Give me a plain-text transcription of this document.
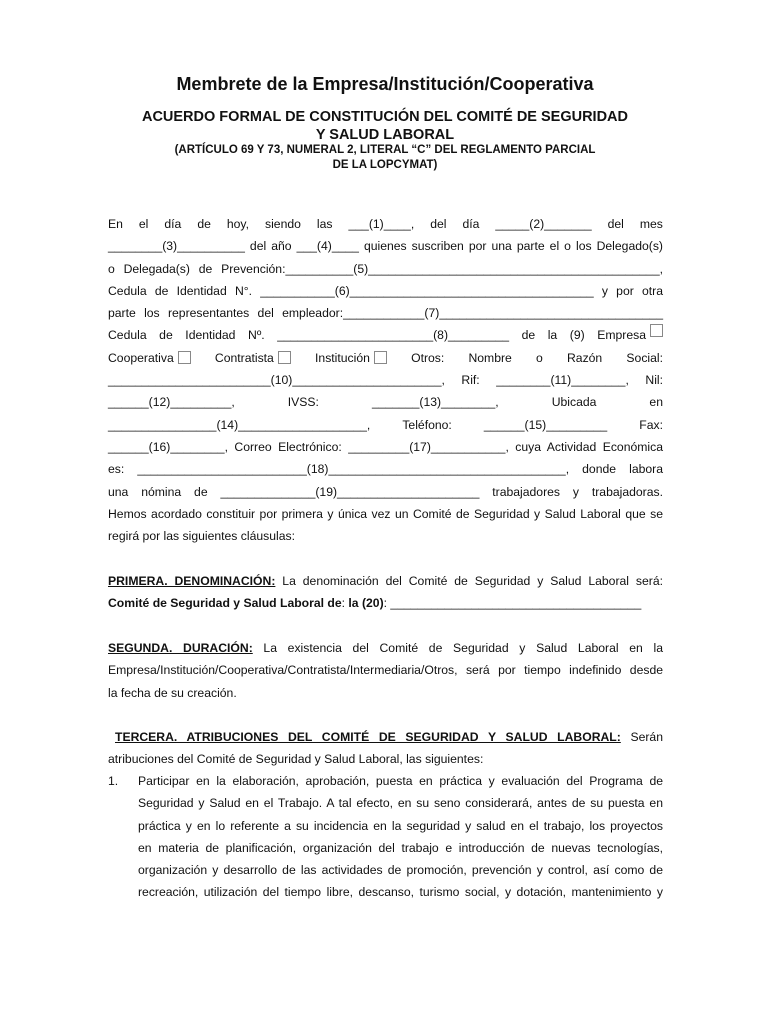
Membrete de la Empresa/Institución/Cooperativa
ACUERDO FORMAL DE CONSTITUCIÓN DEL COMITÉ DE SEGURIDAD
Y SALUD LABORAL
(ARTÍCULO 69 Y 73, NUMERAL 2, LITERAL “C” DEL REGLAMENTO PARCIAL
DE LA LOPCYMAT)
En el día de hoy, siendo las ___(1)____, del día _____(2)_______ del mes
________(3)__________ del año ___(4)____ quienes suscriben por una parte el o los Delegado(s)
o Delegada(s) de Prevención:__________(5)___________________________________________,
Cedula de Identidad N°. ___________(6)____________________________________ y por otra
parte los representantes del empleador:____________(7)_________________________________
Cedula de Identidad Nº. _______________________(8)_________ de la (9) Empresa
Cooperativa	Contratista	Institución	Otros: Nombre o Razón Social:
________________________(10)______________________, Rif: ________(11)________, Nil:
______(12)_________,	IVSS:	_______(13)________,	Ubicada	en
________________(14)___________________,	Teléfono:	______(15)_________	Fax:
______(16)________, Correo Electrónico: _________(17)___________, cuya Actividad Económica
es: _________________________(18)___________________________________, donde labora
una nómina de ______________(19)_____________________ trabajadores y trabajadoras.
Hemos acordado constituir por primera y única vez un Comité de Seguridad y Salud Laboral que se
regirá por las siguientes cláusulas:
PRIMERA. DENOMINACIÓN: La denominación del Comité de Seguridad y Salud Laboral será:
Comité de Seguridad y Salud Laboral de: la (20): _____________________________________
SEGUNDA. DURACIÓN: La existencia del Comité de Seguridad y Salud Laboral en la
Empresa/Institución/Cooperativa/Contratista/Intermediaria/Otros, será por tiempo indefinido desde
la fecha de su creación.
TERCERA. ATRIBUCIONES DEL COMITÉ DE SEGURIDAD Y SALUD LABORAL: Serán
atribuciones del Comité de Seguridad y Salud Laboral, las siguientes:
1. Participar en la elaboración, aprobación, puesta en práctica y evaluación del Programa de
Seguridad y Salud en el Trabajo. A tal efecto, en su seno considerará, antes de su puesta en
práctica y en lo referente a su incidencia en la seguridad y salud en el trabajo, los proyectos
en materia de planificación, organización del trabajo e introducción de nuevas tecnologías,
organización y desarrollo de las actividades de promoción, prevención y control, así como de
recreación, utilización del tiempo libre, descanso, turismo social, y dotación, mantenimiento y
